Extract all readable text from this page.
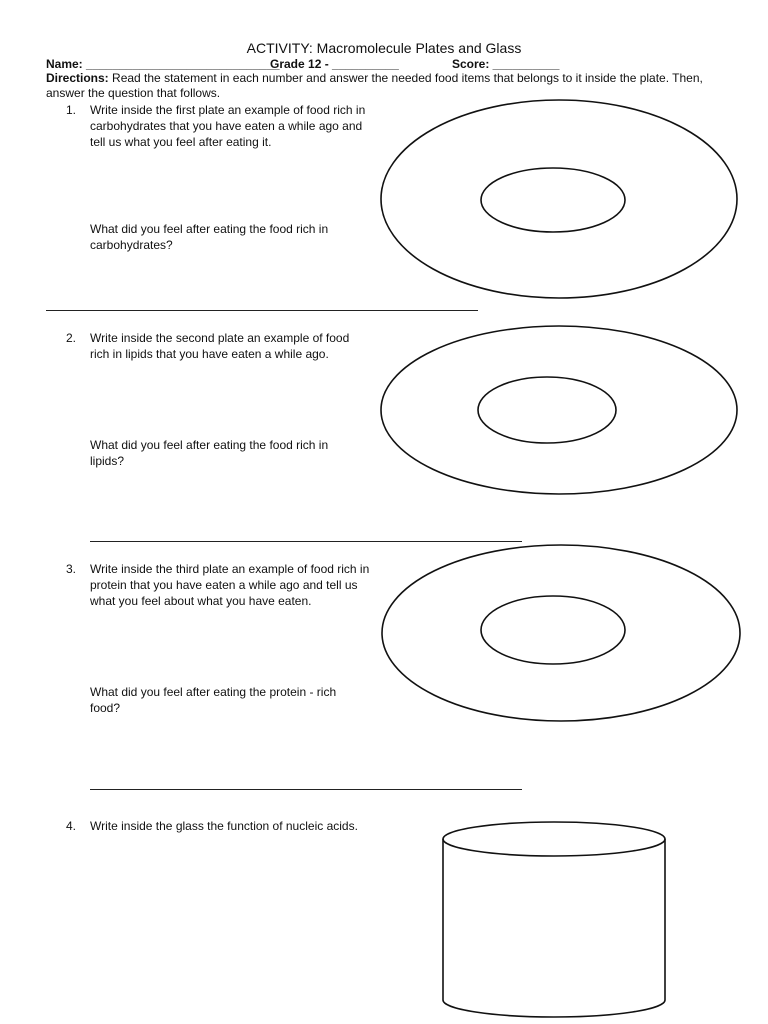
ACTIVITY: Macromolecule Plates and Glass
Name: _____________________________
Grade 12 - __________	Score: __________
Directions: Read the statement in each number and answer the needed food items that belongs to it inside the plate. Then, answer the question that follows.
1. Write inside the first plate an example of food rich in carbohydrates that you have eaten a while ago and tell us what you feel after eating it.
What did you feel after eating the food rich in carbohydrates?
2. Write inside the second plate an example of food rich in lipids that you have eaten a while ago.
What did you feel after eating the food rich in lipids?
3. Write inside the third plate an example of food rich in protein that you have eaten a while ago and tell us what you feel about what you have eaten.
What did you feel after eating the protein - rich food?
4. Write inside the glass the function of nucleic acids.
